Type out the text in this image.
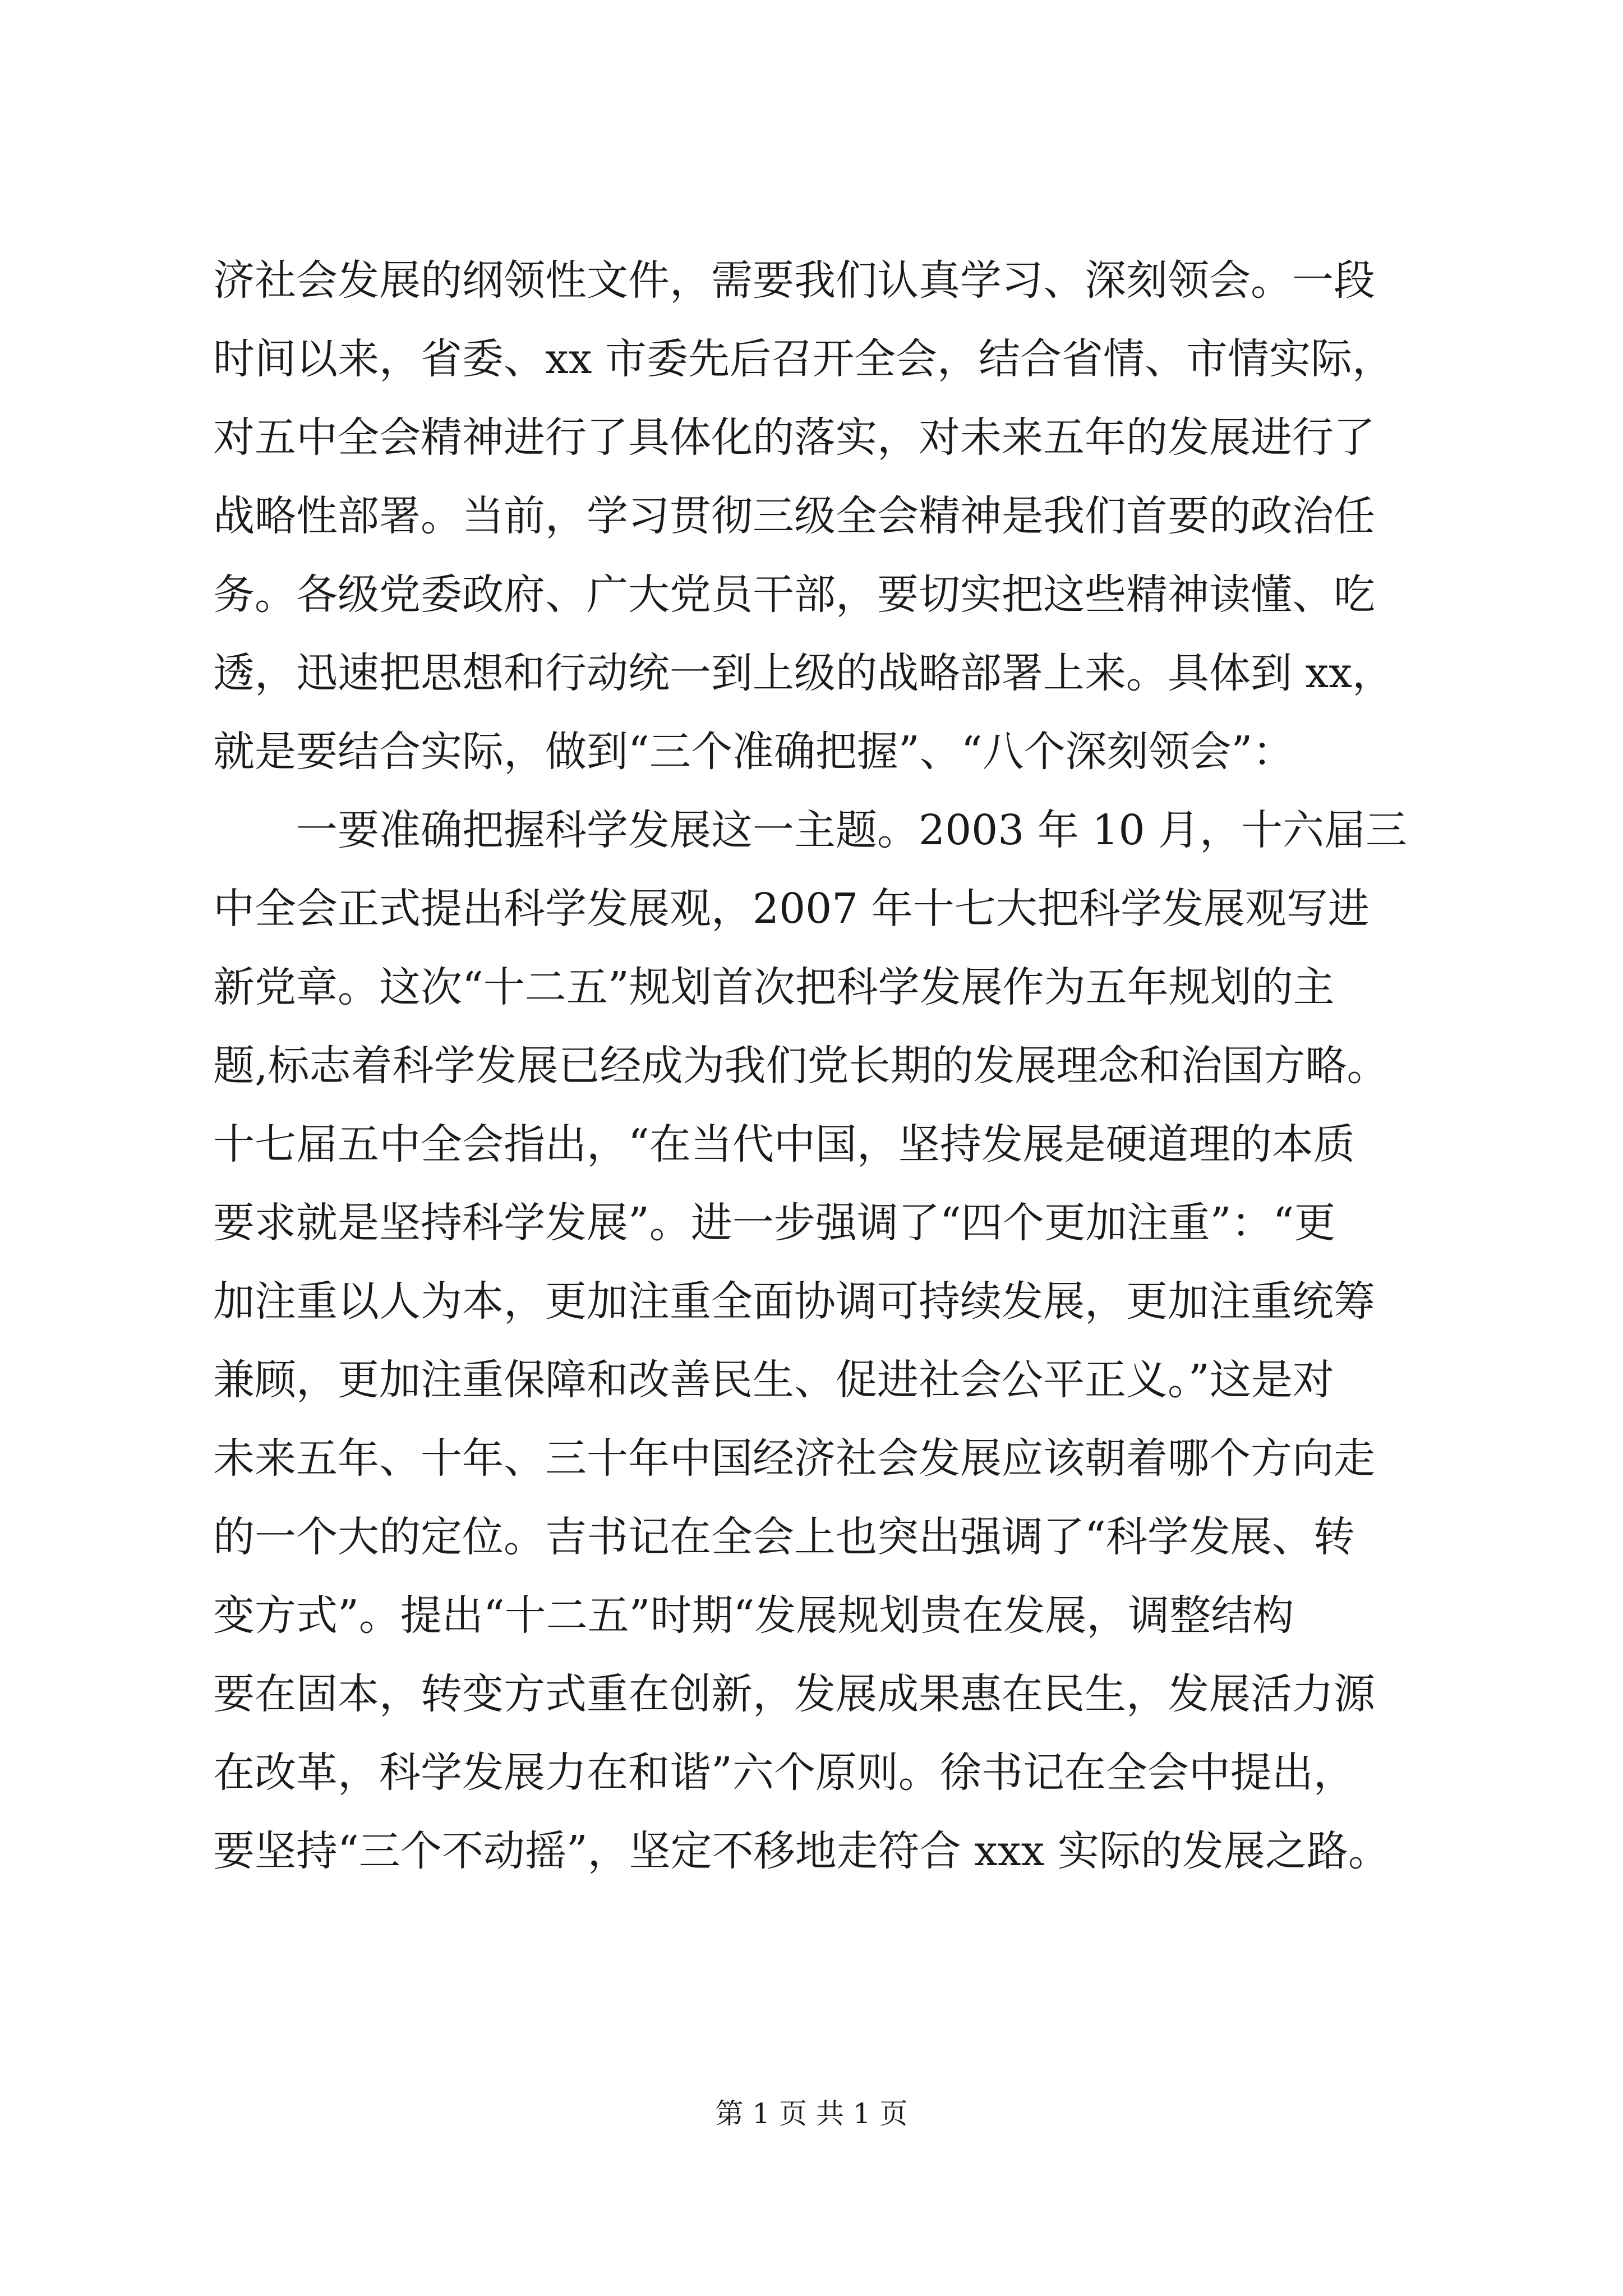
济社会发展的纲领性文件，需要我们认真学习、深刻领会。一段
时间以来，省委、xx 市委先后召开全会，结合省情、市情实际，
对五中全会精神进行了具体化的落实，对未来五年的发展进行了
战略性部署。当前，学习贯彻三级全会精神是我们首要的政治任
务。各级党委政府、广大党员干部，要切实把这些精神读懂、吃
透，迅速把思想和行动统一到上级的战略部署上来。具体到 xx，
就是要结合实际，做到“三个准确把握”、“八个深刻领会”：
一要准确把握科学发展这一主题。2003 年 10 月，十六届三
中全会正式提出科学发展观，2007 年十七大把科学发展观写进
新党章。这次“十二五”规划首次把科学发展作为五年规划的主
题,标志着科学发展已经成为我们党长期的发展理念和治国方略。
十七届五中全会指出，“在当代中国，坚持发展是硬道理的本质
要求就是坚持科学发展”。进一步强调了“四个更加注重”：“更
加注重以人为本，更加注重全面协调可持续发展，更加注重统筹
兼顾，更加注重保障和改善民生、促进社会公平正义。”这是对
未来五年、十年、三十年中国经济社会发展应该朝着哪个方向走
的一个大的定位。吉书记在全会上也突出强调了“科学发展、转
变方式”。提出“十二五”时期“发展规划贵在发展，调整结构
要在固本，转变方式重在创新，发展成果惠在民生，发展活力源
在改革，科学发展力在和谐”六个原则。徐书记在全会中提出，
要坚持“三个不动摇”，坚定不移地走符合 xxx 实际的发展之路。
第 1 页 共 1 页
